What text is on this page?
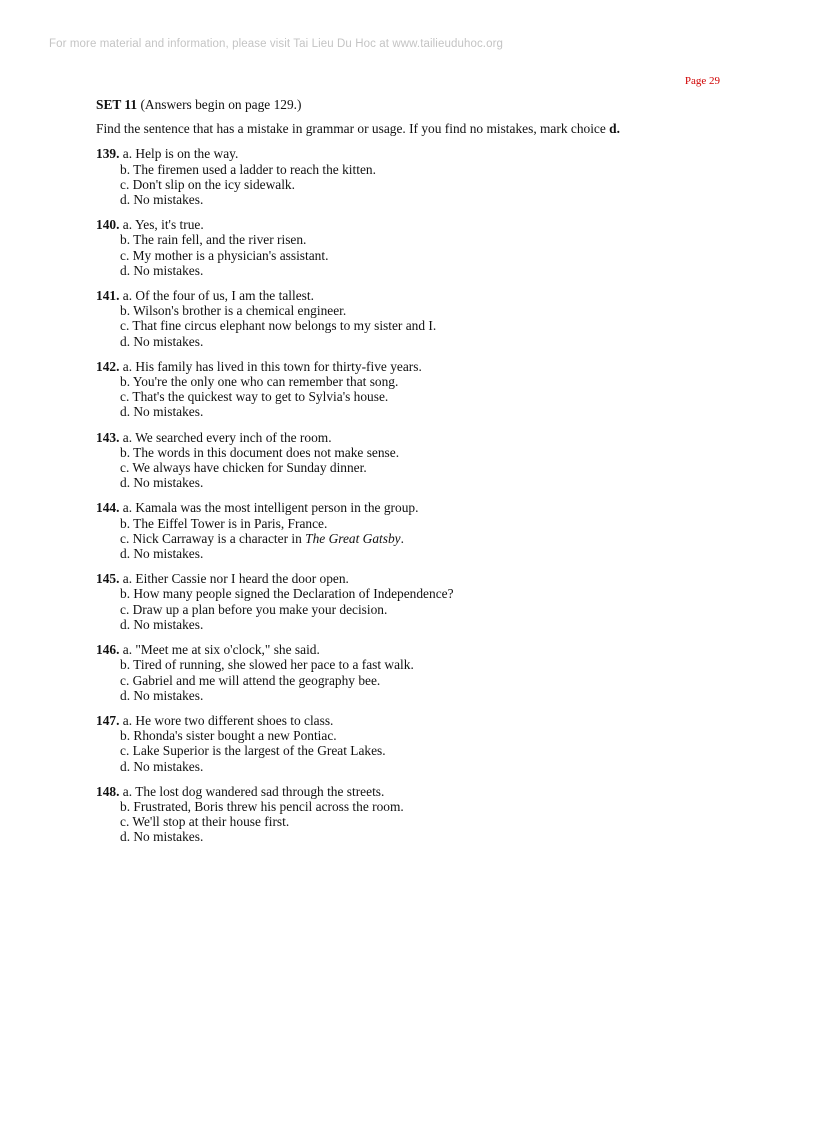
For more material and information, please visit Tai Lieu Du Hoc at www.tailieuduhoc.org
Page 29
SET 11 (Answers begin on page 129.)
Find the sentence that has a mistake in grammar or usage. If you find no mistakes, mark choice d.
139. a. Help is on the way.
b. The firemen used a ladder to reach the kitten.
c. Don't slip on the icy sidewalk.
d. No mistakes.
140. a. Yes, it's true.
b. The rain fell, and the river risen.
c. My mother is a physician's assistant.
d. No mistakes.
141. a. Of the four of us, I am the tallest.
b. Wilson's brother is a chemical engineer.
c. That fine circus elephant now belongs to my sister and I.
d. No mistakes.
142. a. His family has lived in this town for thirty-five years.
b. You're the only one who can remember that song.
c. That's the quickest way to get to Sylvia's house.
d. No mistakes.
143. a. We searched every inch of the room.
b. The words in this document does not make sense.
c. We always have chicken for Sunday dinner.
d. No mistakes.
144. a. Kamala was the most intelligent person in the group.
b. The Eiffel Tower is in Paris, France.
c. Nick Carraway is a character in The Great Gatsby.
d. No mistakes.
145. a. Either Cassie nor I heard the door open.
b. How many people signed the Declaration of Independence?
c. Draw up a plan before you make your decision.
d. No mistakes.
146. a. "Meet me at six o'clock," she said.
b. Tired of running, she slowed her pace to a fast walk.
c. Gabriel and me will attend the geography bee.
d. No mistakes.
147. a. He wore two different shoes to class.
b. Rhonda's sister bought a new Pontiac.
c. Lake Superior is the largest of the Great Lakes.
d. No mistakes.
148. a. The lost dog wandered sad through the streets.
b. Frustrated, Boris threw his pencil across the room.
c. We'll stop at their house first.
d. No mistakes.
